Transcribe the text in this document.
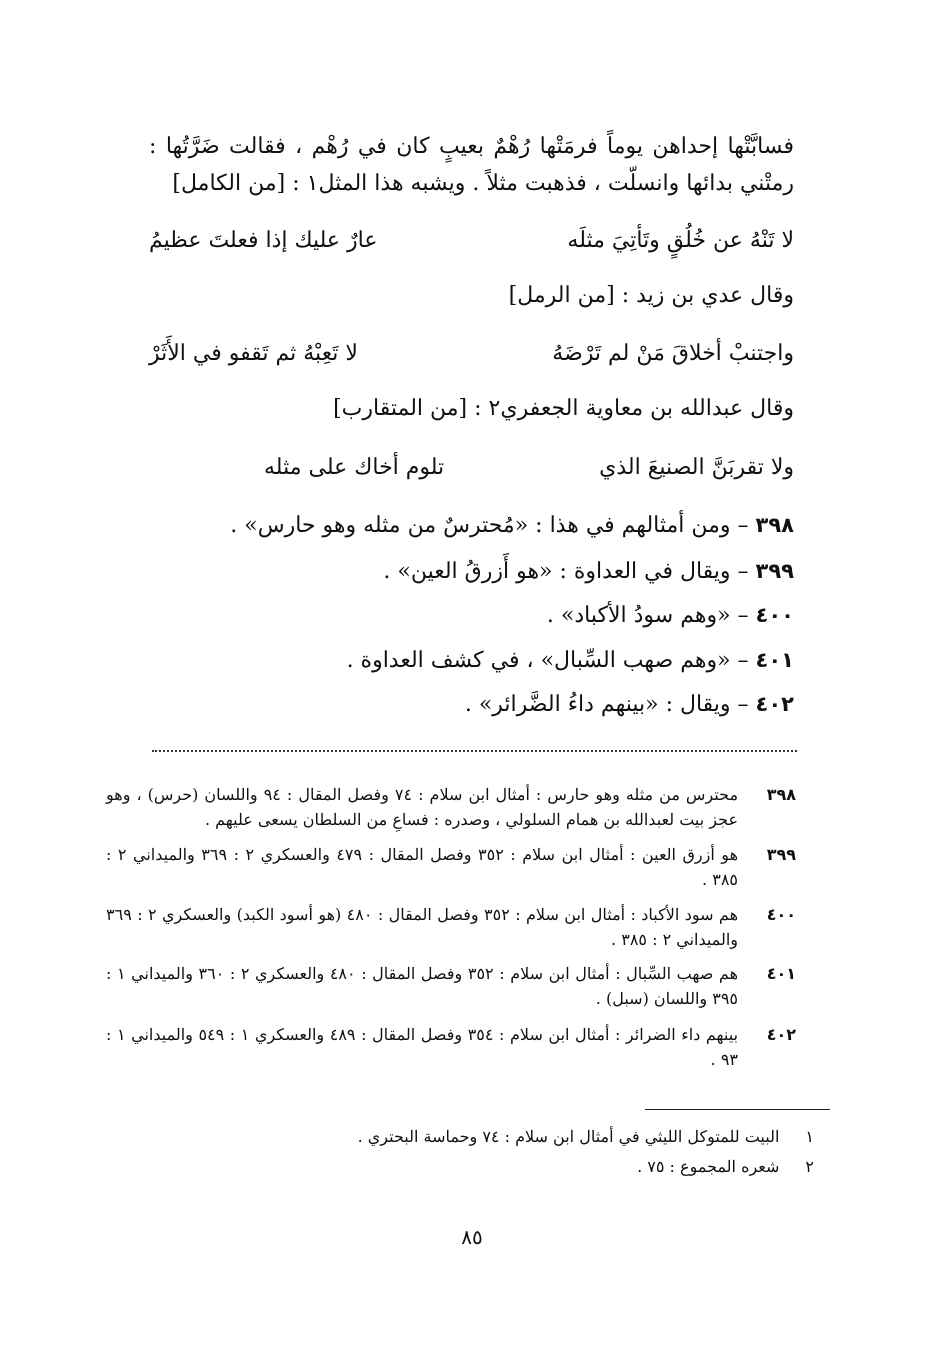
فسابَّتْها إحداهن يوماً فرمَتْها رُهْمٌ بعيبٍ كان في رُهْم ، فقالت ضَرَّتُها : رمتْني بدائها وانسلّت ، فذهبت مثلاً . ويشبه هذا المثل١ : [من الكامل]
لا تَنْهُ عن خُلُقٍ وتَأتِيَ مثلَه
عارٌ عليك إذا فعلتَ عظيمُ
وقال عدي بن زيد : [من الرمل]
واجتنبْ أخلاقَ مَنْ لم تَرْضَهُ
لا تَعِبْهُ ثم تَقفو في الأَثَرْ
وقال عبدالله بن معاوية الجعفري٢ : [من المتقارب]
ولا تقربَنَّ الصنيعَ الذي
تلوم أخاك على مثله
٣٩٨ – ومن أمثالهم في هذا : «مُحترسٌ من مثله وهو حارس» .
٣٩٩ – ويقال في العداوة : «هو أَزرقُ العين» .
٤٠٠ – «وهم سودُ الأكباد» .
٤٠١ – «وهم صهب السِّبال» ، في كشف العداوة .
٤٠٢ – ويقال : «بينهم داءُ الضَّرائر» .
٣٩٨
محترس من مثله وهو حارس : أمثال ابن سلام : ٧٤ وفصل المقال : ٩٤ واللسان (حرس) ، وهو عجز بيت لعبدالله بن همام السلولي ، وصدره : فساعِ من السلطان يسعى عليهم .
٣٩٩
هو أزرق العين : أمثال ابن سلام : ٣٥٢ وفصل المقال : ٤٧٩ والعسكري ٢ : ٣٦٩ والميداني ٢ : ٣٨٥ .
٤٠٠
هم سود الأكباد : أمثال ابن سلام : ٣٥٢ وفصل المقال : ٤٨٠ (هو أسود الكبد) والعسكري ٢ : ٣٦٩ والميداني ٢ : ٣٨٥ .
٤٠١
هم صهب السِّبال : أمثال ابن سلام : ٣٥٢ وفصل المقال : ٤٨٠ والعسكري ٢ : ٣٦٠ والميداني ١ : ٣٩٥ واللسان (سبل) .
٤٠٢
بينهم داء الضرائر : أمثال ابن سلام : ٣٥٤ وفصل المقال : ٤٨٩ والعسكري ١ : ٥٤٩ والميداني ١ : ٩٣ .
١
البيت للمتوكل الليثي في أمثال ابن سلام : ٧٤ وحماسة البحتري .
٢
شعره المجموع : ٧٥ .
٨٥
